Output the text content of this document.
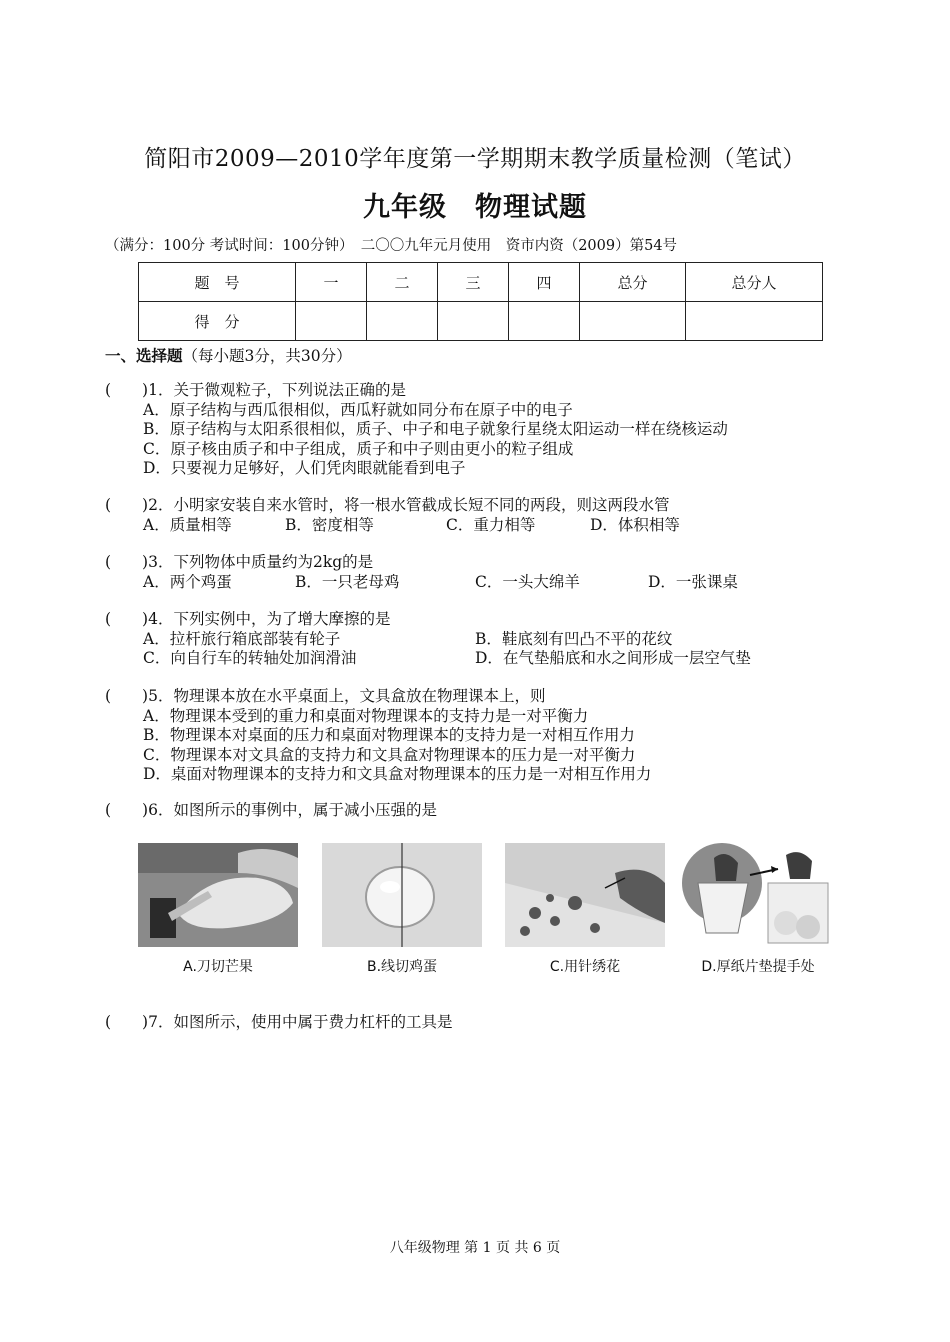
简阳市2009—2010学年度第一学期期末教学质量检测（笔试）
九年级　物理试题
（满分：100分 考试时间：100分钟）　二〇〇九年元月使用　资市内资（2009）第54号
题　号	一	二	三	四	总分	总分人
得　分						
一、选择题（每小题3分，共30分）
(　　)1．关于微观粒子，下列说法正确的是
A．原子结构与西瓜很相似，西瓜籽就如同分布在原子中的电子
B．原子结构与太阳系很相似，质子、中子和电子就象行星绕太阳运动一样在绕核运动
C．原子核由质子和中子组成，质子和中子则由更小的粒子组成
D．只要视力足够好，人们凭肉眼就能看到电子
(　　)2．小明家安装自来水管时，将一根水管截成长短不同的两段，则这两段水管
A．质量相等	B．密度相等	C．重力相等	D．体积相等
(　　)3．下列物体中质量约为2kg的是
A．两个鸡蛋	B．一只老母鸡	C．一头大绵羊	D．一张课桌
(　　)4．下列实例中，为了增大摩擦的是
A．拉杆旅行箱底部装有轮子	B．鞋底刻有凹凸不平的花纹
C．向自行车的转轴处加润滑油	D．在气垫船底和水之间形成一层空气垫
(　　)5．物理课本放在水平桌面上，文具盒放在物理课本上，则
A．物理课本受到的重力和桌面对物理课本的支持力是一对平衡力
B．物理课本对桌面的压力和桌面对物理课本的支持力是一对相互作用力
C．物理课本对文具盒的支持力和文具盒对物理课本的压力是一对平衡力
D．桌面对物理课本的支持力和文具盒对物理课本的压力是一对相互作用力
(　　)6．如图所示的事例中，属于减小压强的是
A.刀切芒果	B.线切鸡蛋	C.用针绣花	D.厚纸片垫提手处
(　　)7．如图所示，使用中属于费力杠杆的工具是
八年级物理 第 1 页 共 6 页
